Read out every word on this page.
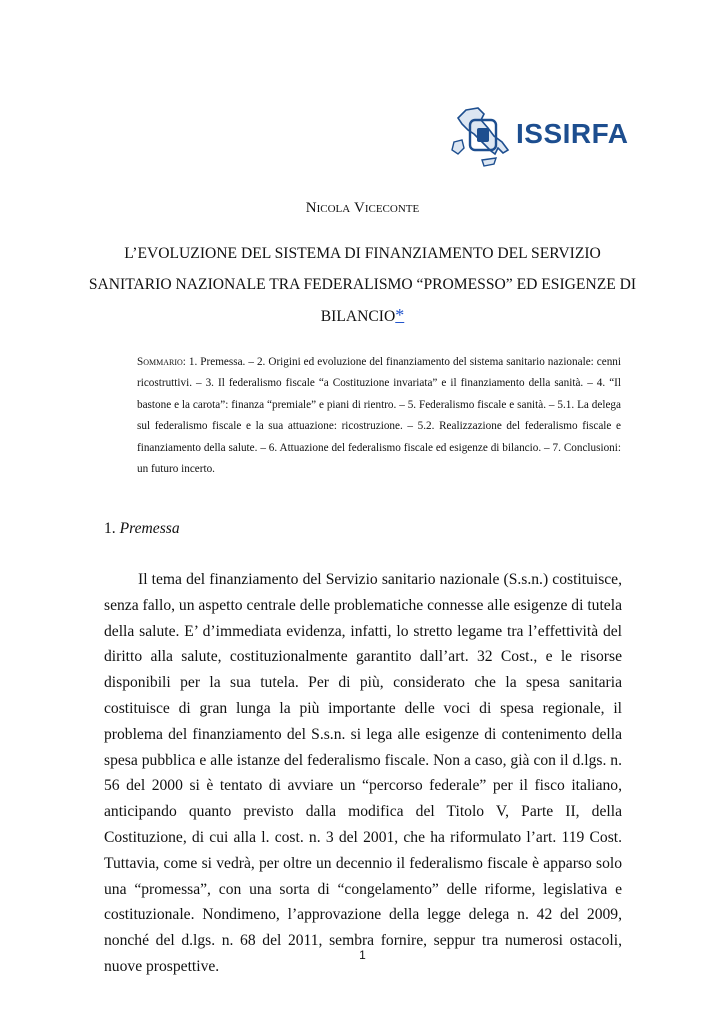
ISSIRFA
Nicola Viceconte
L’EVOLUZIONE DEL SISTEMA DI FINANZIAMENTO DEL SERVIZIO
SANITARIO NAZIONALE TRA FEDERALISMO “PROMESSO” ED ESIGENZE DI
BILANCIO*
Sommario: 1. Premessa. – 2. Origini ed evoluzione del finanziamento del sistema sanitario nazionale: cenni ricostruttivi. – 3. Il federalismo fiscale “a Costituzione invariata” e il finanziamento della sanità. – 4. “Il bastone e la carota”: finanza “premiale” e piani di rientro. – 5. Federalismo fiscale e sanità. – 5.1. La delega sul federalismo fiscale e la sua attuazione: ricostruzione. – 5.2. Realizzazione del federalismo fiscale e finanziamento della salute. – 6. Attuazione del federalismo fiscale ed esigenze di bilancio. – 7. Conclusioni: un futuro incerto.
1. Premessa
Il tema del finanziamento del Servizio sanitario nazionale (S.s.n.) costituisce, senza fallo, un aspetto centrale delle problematiche connesse alle esigenze di tutela della salute. E’ d’immediata evidenza, infatti, lo stretto legame tra l’effettività del diritto alla salute, costituzionalmente garantito dall’art. 32 Cost., e le risorse disponibili per la sua tutela. Per di più, considerato che la spesa sanitaria costituisce di gran lunga la più importante delle voci di spesa regionale, il problema del finanziamento del S.s.n. si lega alle esigenze di contenimento della spesa pubblica e alle istanze del federalismo fiscale. Non a caso, già con il d.lgs. n. 56 del 2000 si è tentato di avviare un “percorso federale” per il fisco italiano, anticipando quanto previsto dalla modifica del Titolo V, Parte II, della Costituzione, di cui alla l. cost. n. 3 del 2001, che ha riformulato l’art. 119 Cost. Tuttavia, come si vedrà, per oltre un decennio il federalismo fiscale è apparso solo una “promessa”, con una sorta di “congelamento” delle riforme, legislativa e costituzionale. Nondimeno, l’approvazione della legge delega n. 42 del 2009, nonché del d.lgs. n. 68 del 2011, sembra fornire, seppur tra numerosi ostacoli, nuove prospettive.
1
